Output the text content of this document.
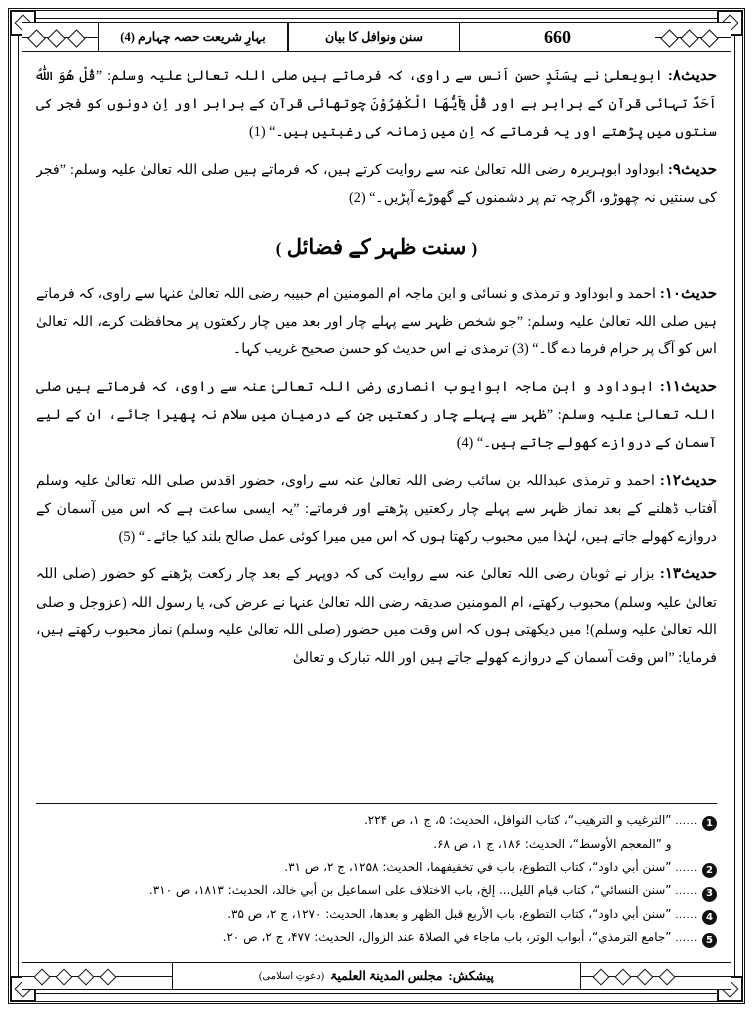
بہارِ شریعت حصہ چہارم (4)	سنن ونوافل کا بیان	660

حدیث۸: ابویعلیٰ نے بِسَنَدٍ حسن اَنس سے راوی، کہ فرماتے ہیں صلی اللہ تعالیٰ علیہ وسلم: ”قُلْ هُوَ اللّٰهُ اَحَدٌ تہائی قرآن کے برابر ہے اور قُلْ يٰٓاَيُّهَا الْكٰفِرُوْنَ چوتھائی قرآن کے برابر اور اِن دونوں کو فجر کی سنتوں میں پڑھتے اور یہ فرماتے کہ اِن میں زمانہ کی رغبتیں ہیں۔“ (1)

حدیث۹: ابوداود ابوہریرہ رضی اللہ تعالیٰ عنہ سے روایت کرتے ہیں، کہ فرماتے ہیں صلی اللہ تعالیٰ علیہ وسلم: ”فجر کی سنتیں نہ چھوڑو، اگرچہ تم پر دشمنوں کے گھوڑے آپڑیں۔“ (2)

( سنت ظہر کے فضائل )

حدیث۱۰: احمد و ابوداود و ترمذی و نسائی و ابن ماجہ ام المومنین ام حبیبہ رضی اللہ تعالیٰ عنہا سے راوی، کہ فرماتے ہیں صلی اللہ تعالیٰ علیہ وسلم: ”جو شخص ظہر سے پہلے چار اور بعد میں چار رکعتوں پر محافظت کرے، اللہ تعالیٰ اس کو آگ پر حرام فرما دے گا۔“ (3) ترمذی نے اس حدیث کو حسن صحیح غریب کہا۔

حدیث۱۱: ابوداود و ابن ماجہ ابوایوب انصاری رضی اللہ تعالیٰ عنہ سے راوی، کہ فرماتے ہیں صلی اللہ تعالیٰ علیہ وسلم: ”ظہر سے پہلے چار رکعتیں جن کے درمیان میں سلام نہ پھیرا جائے، ان کے لیے آسمان کے دروازے کھولے جاتے ہیں۔“ (4)

حدیث۱۲: احمد و ترمذی عبداللہ بن سائب رضی اللہ تعالیٰ عنہ سے راوی، حضور اقدس صلی اللہ تعالیٰ علیہ وسلم آفتاب ڈھلنے کے بعد نماز ظہر سے پہلے چار رکعتیں پڑھتے اور فرماتے: ”یہ ایسی ساعت ہے کہ اس میں آسمان کے دروازے کھولے جاتے ہیں، لہٰذا میں محبوب رکھتا ہوں کہ اس میں میرا کوئی عمل صالح بلند کیا جائے۔“ (5)

حدیث۱۳: بزار نے ثوبان رضی اللہ تعالیٰ عنہ سے روایت کی کہ دوپہر کے بعد چار رکعت پڑھنے کو حضور (صلی اللہ تعالیٰ علیہ وسلم) محبوب رکھتے، ام المومنین صدیقہ رضی اللہ تعالیٰ عنہا نے عرض کی، یا رسول اللہ (عزوجل و صلی اللہ تعالیٰ علیہ وسلم)! میں دیکھتی ہوں کہ اس وقت میں حضور (صلی اللہ تعالیٰ علیہ وسلم) نماز محبوب رکھتے ہیں، فرمایا: ”اس وقت آسمان کے دروازے کھولے جاتے ہیں اور اللہ تبارک و تعالیٰ

1
......
”الترغیب و الترھیب“، کتاب النوافل، الحدیث: ۵، ج ۱، ص ۲۲۴.
و ”المعجم الأوسط“، الحدیث: ۱۸۶، ج ۱، ص ۶۸.
2
......
”سنن أبي داود“، کتاب التطوع، باب في تخفیفھما، الحدیث: ۱۲۵۸، ج ۲، ص ۳۱.
3
......
”سنن النسائي“، کتاب قیام اللیل... إلخ، باب الاختلاف علی اسماعیل بن أبي خالد، الحدیث: ۱۸۱۳، ص ۳۱۰.
4
......
”سنن أبي داود“، کتاب التطوع، باب الأربع قبل الظھر و بعدھا، الحدیث: ۱۲۷۰، ج ۲، ص ۳۵.
5
......
”جامع الترمذي“، أبواب الوتر، باب ماجاء في الصلاۃ عند الزوال، الحدیث: ۴۷۷، ج ۲، ص ۲۰.
پیشکش:
مجلس المدینۃ العلمیۃ
(دعوتِ اسلامی)
